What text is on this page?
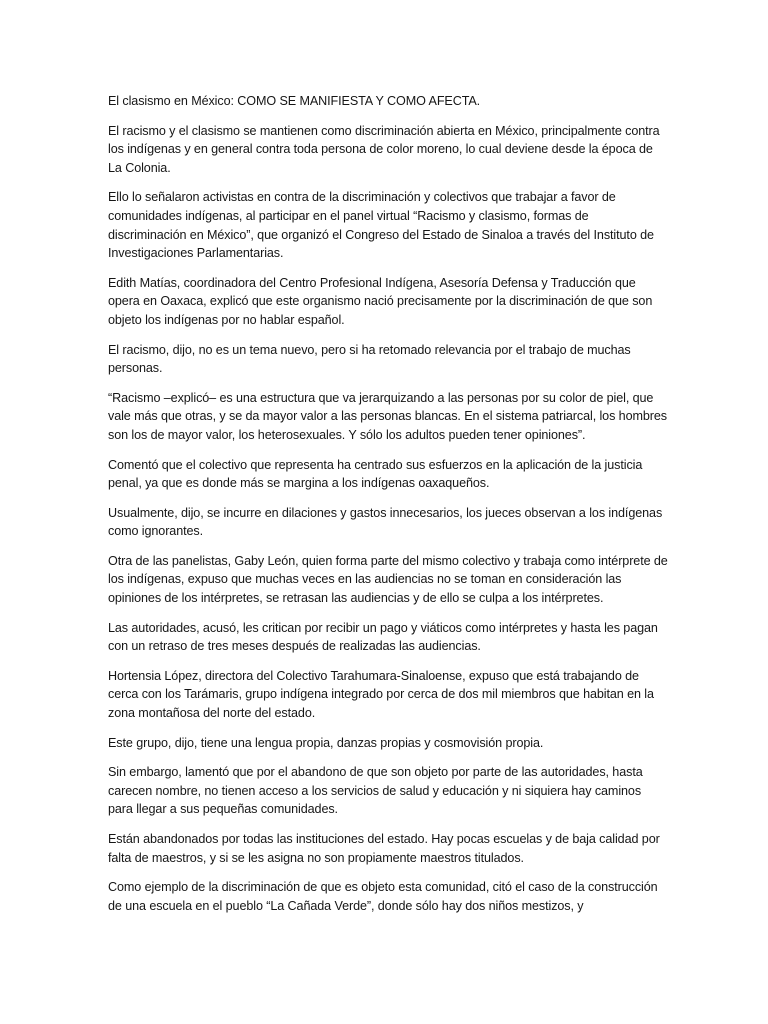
El clasismo en México: COMO SE MANIFIESTA Y COMO AFECTA.

El racismo y el clasismo se mantienen como discriminación abierta en México, principalmente contra los indígenas y en general contra toda persona de color moreno, lo cual deviene desde la época de La Colonia.

Ello lo señalaron activistas en contra de la discriminación y colectivos que trabajar a favor de comunidades indígenas, al participar en el panel virtual “Racismo y clasismo, formas de discriminación en México”, que organizó el Congreso del Estado de Sinaloa a través del Instituto de Investigaciones Parlamentarias.

Edith Matías, coordinadora del Centro Profesional Indígena, Asesoría Defensa y Traducción que opera en Oaxaca, explicó que este organismo nació precisamente por la discriminación de que son objeto los indígenas por no hablar español.

El racismo, dijo, no es un tema nuevo, pero si ha retomado relevancia por el trabajo de muchas personas.

“Racismo –explicó– es una estructura que va jerarquizando a las personas por su color de piel, que vale más que otras, y se da mayor valor a las personas blancas. En el sistema patriarcal, los hombres son los de mayor valor, los heterosexuales. Y sólo los adultos pueden tener opiniones”.

Comentó que el colectivo que representa ha centrado sus esfuerzos en la aplicación de la justicia penal, ya que es donde más se margina a los indígenas oaxaqueños.

Usualmente, dijo, se incurre en dilaciones y gastos innecesarios, los jueces observan a los indígenas como ignorantes.

Otra de las panelistas, Gaby León, quien forma parte del mismo colectivo y trabaja como intérprete de los indígenas, expuso que muchas veces en las audiencias no se toman en consideración las opiniones de los intérpretes, se retrasan las audiencias y de ello se culpa a los intérpretes.

Las autoridades, acusó, les critican por recibir un pago y viáticos como intérpretes y hasta les pagan con un retraso de tres meses después de realizadas las audiencias.

Hortensia López, directora del Colectivo Tarahumara-Sinaloense, expuso que está trabajando de cerca con los Tarámaris, grupo indígena integrado por cerca de dos mil miembros que habitan en la zona montañosa del norte del estado.

Este grupo, dijo, tiene una lengua propia, danzas propias y cosmovisión propia.

Sin embargo, lamentó que por el abandono de que son objeto por parte de las autoridades, hasta carecen nombre, no tienen acceso a los servicios de salud y educación y ni siquiera hay caminos para llegar a sus pequeñas comunidades.

Están abandonados por todas las instituciones del estado. Hay pocas escuelas y de baja calidad por falta de maestros, y si se les asigna no son propiamente maestros titulados.

Como ejemplo de la discriminación de que es objeto esta comunidad, citó el caso de la construcción de una escuela en el pueblo “La Cañada Verde”, donde sólo hay dos niños mestizos, y
